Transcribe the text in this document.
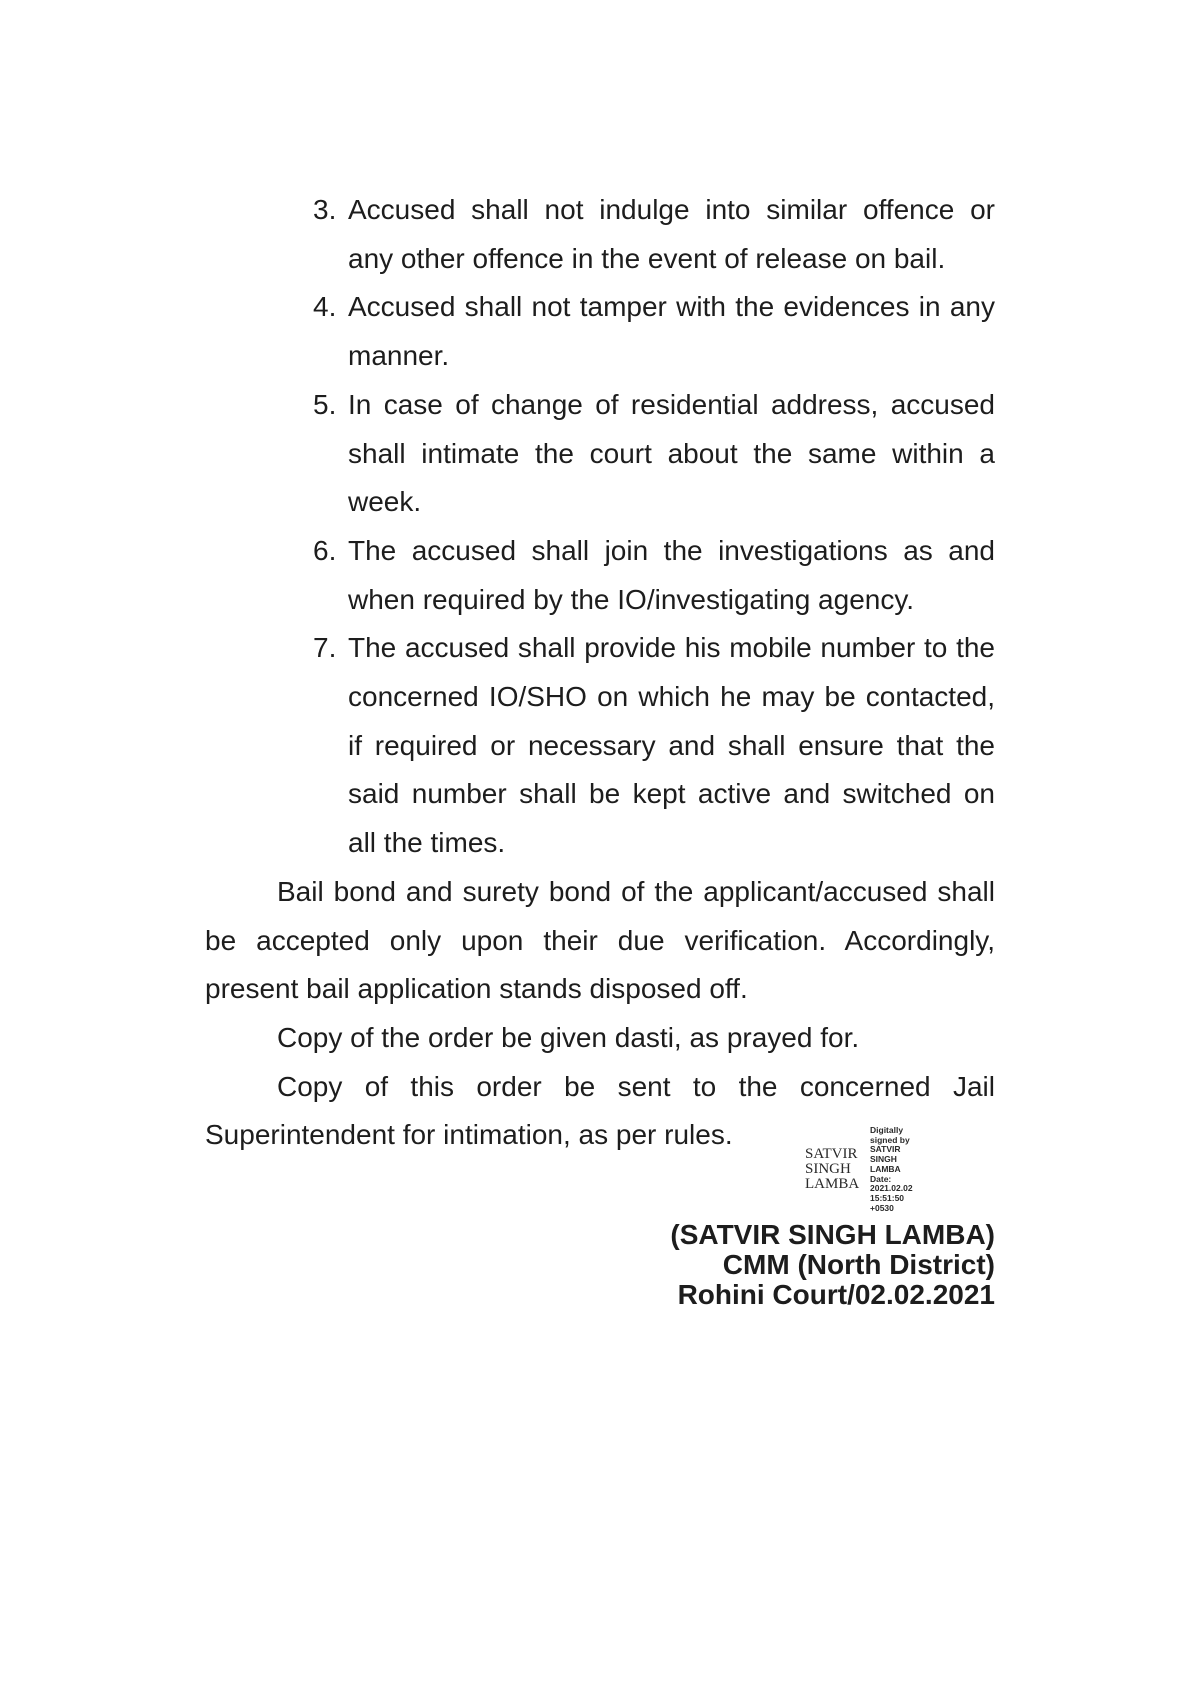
3. Accused shall not indulge into similar offence or
any other offence in the event of release on bail.
4. Accused shall not tamper with the evidences in any
manner.
5. In case of change of residential address, accused
shall intimate the court about the same within a
week.
6. The accused shall join the investigations as and
when required by the IO/investigating agency.
7. The accused shall provide his mobile number to the
concerned IO/SHO on which he may be contacted,
if required or necessary and shall ensure that the
said number shall be kept active and switched on
all the times.
Bail bond and surety bond of the applicant/accused shall
be accepted only upon their due verification. Accordingly,
present bail application stands disposed off.
Copy of the order be given dasti, as prayed for.
Copy of this order be sent to the concerned Jail
Superintendent for intimation, as per rules.
SATVIR
SINGH
LAMBA
Digitally
signed by
SATVIR
SINGH
LAMBA
Date:
2021.02.02
15:51:50
+0530
(SATVIR SINGH LAMBA)
CMM (North District)
Rohini Court/02.02.2021
